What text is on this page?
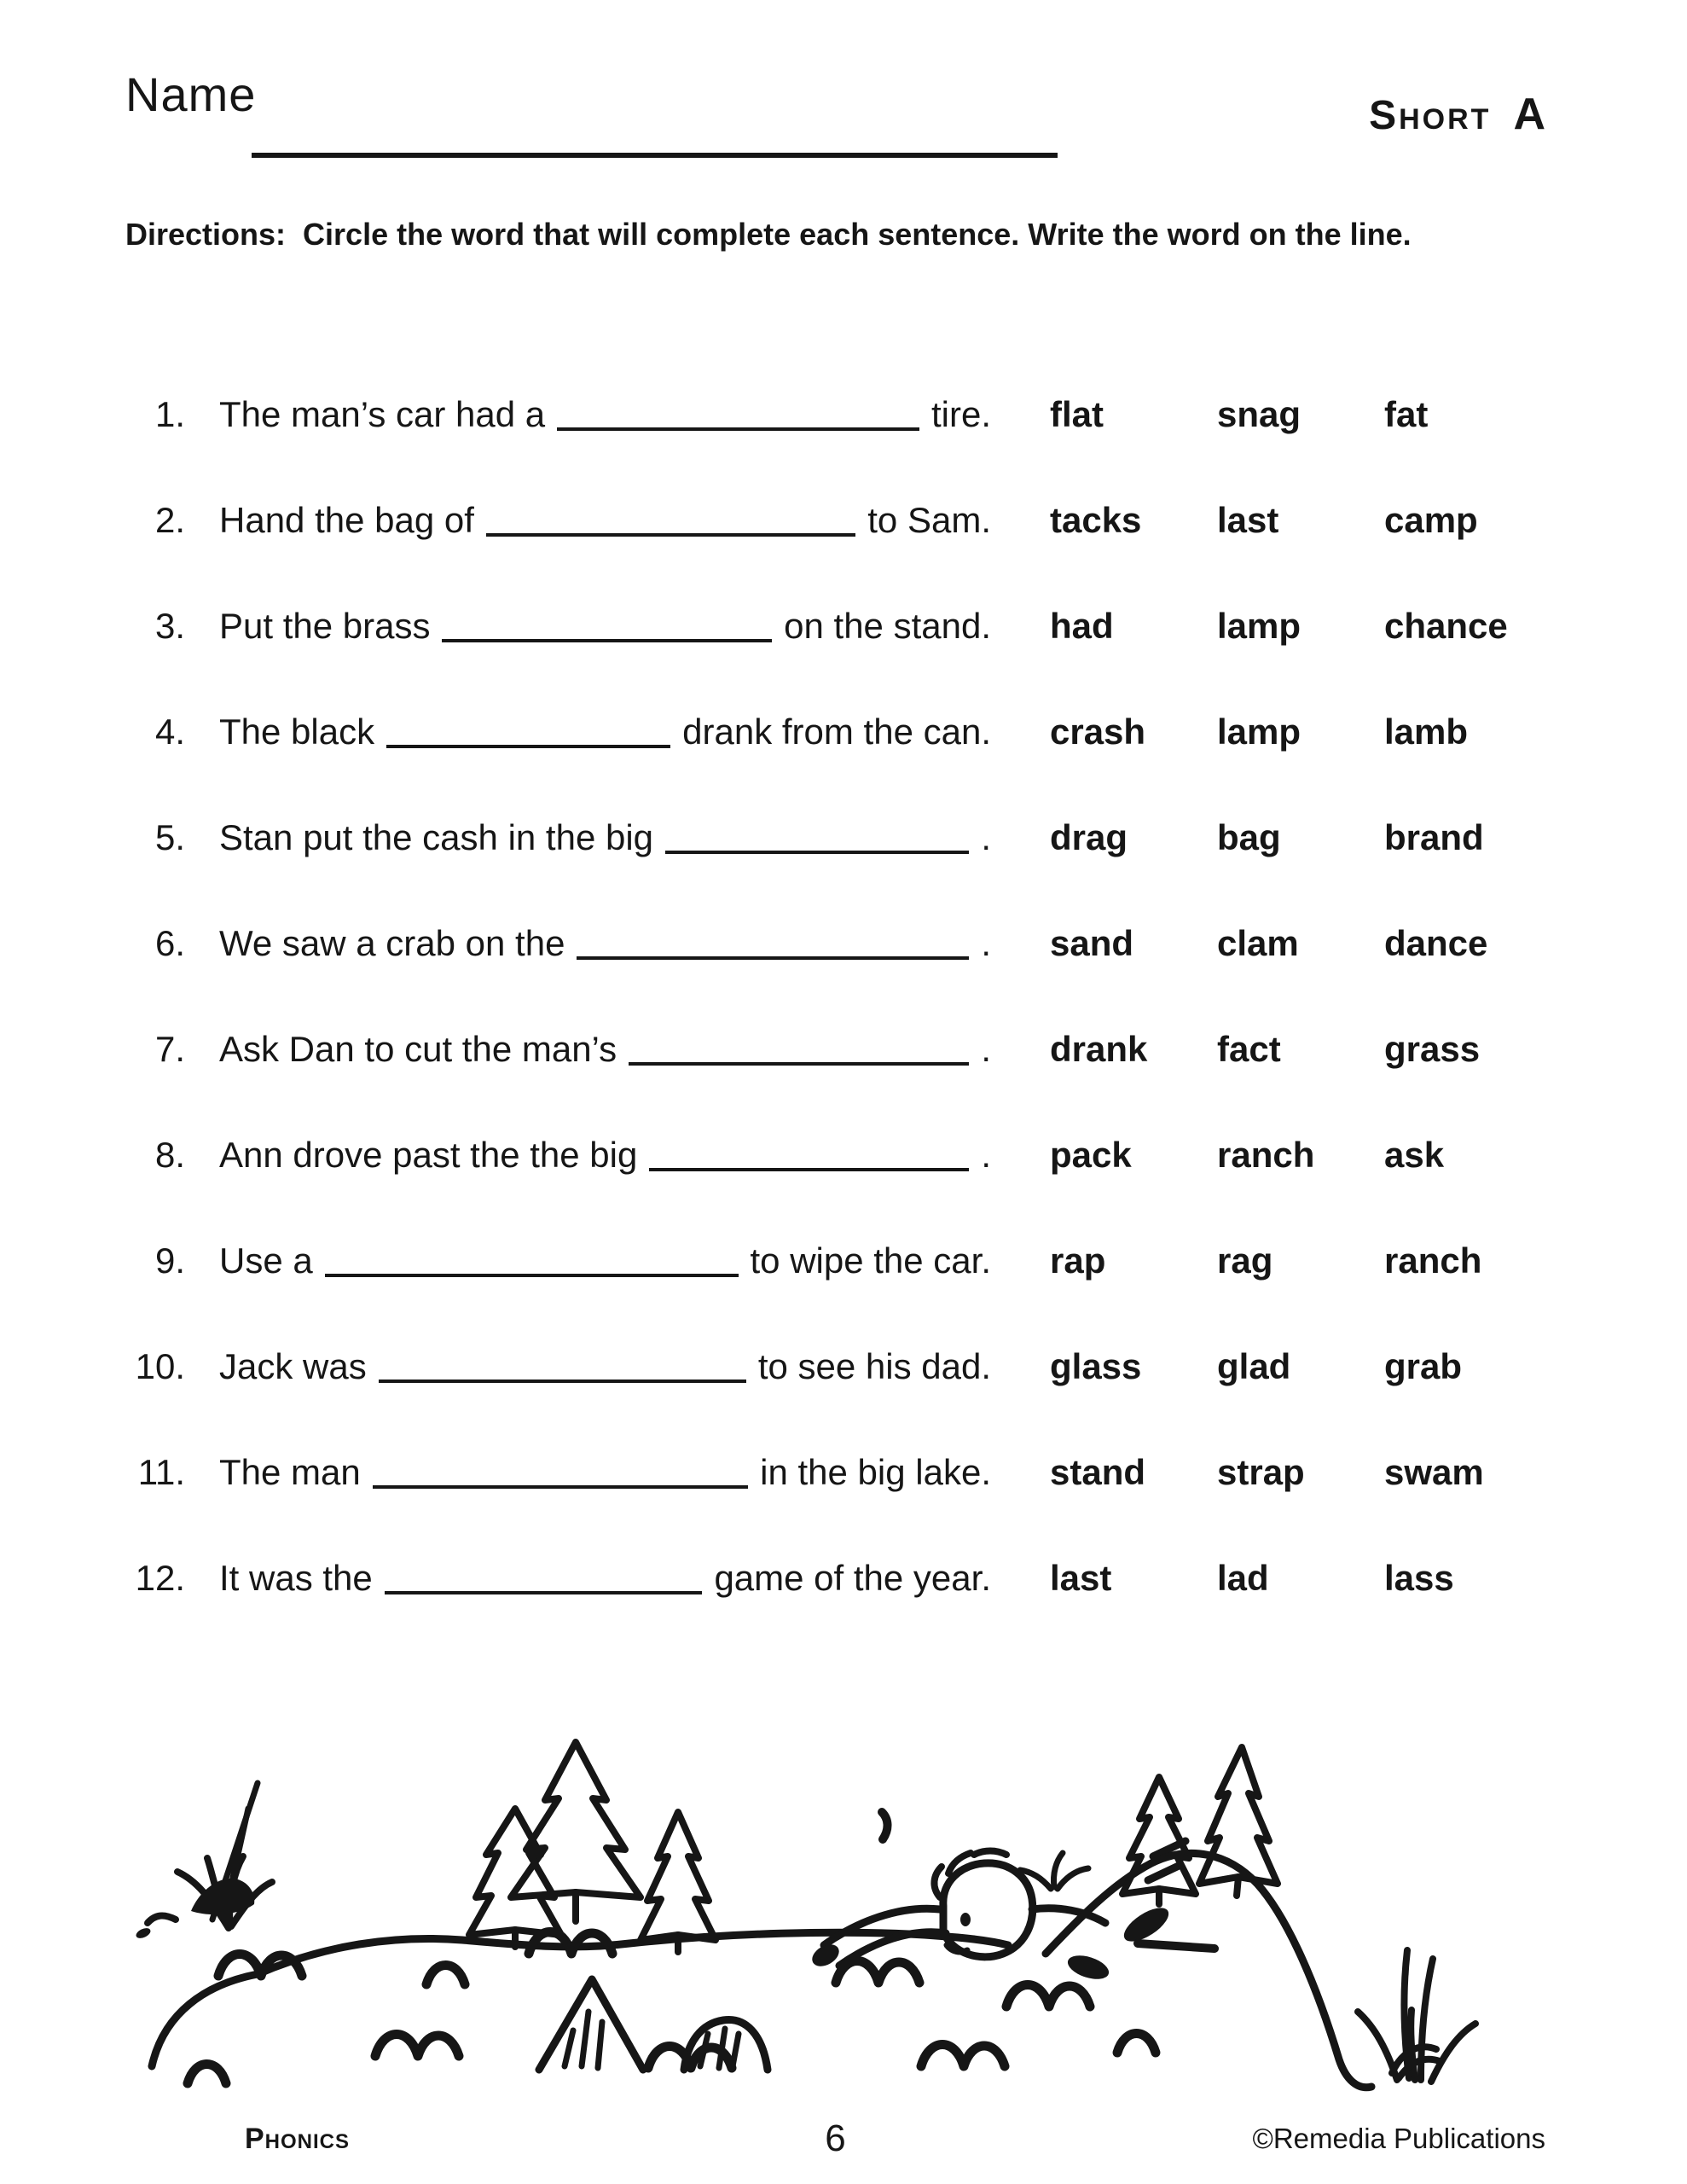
Name	Short A
Directions: Circle the word that will complete each sentence. Write the word on the line.
1. The man’s car had a	tire.	flat	snag	fat
2. Hand the bag of	to Sam.	tacks	last	camp
3. Put the brass	on the stand.	had	lamp	chance
4. The black	drank from the can.	crash	lamp	lamb
5. Stan put the cash in the big	.	drag	bag	brand
6. We saw a crab on the	.	sand	clam	dance
7. Ask Dan to cut the man’s	.	drank	fact	grass
8. Ann drove past the the big	.	pack	ranch	ask
9. Use a	to wipe the car.	rap	rag	ranch
10. Jack was	to see his dad.	glass	glad	grab
11. The man	in the big lake.	stand	strap	swam
12. It was the	game of the year.	last	lad	lass
Phonics	6	©Remedia Publications
